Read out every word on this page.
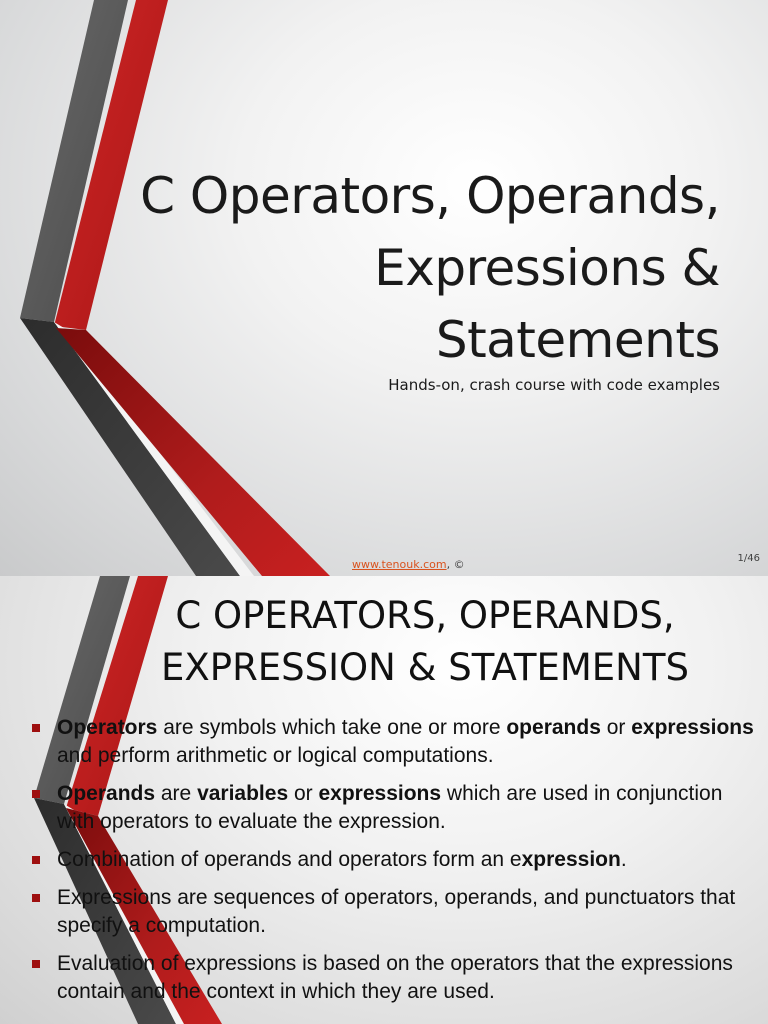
C Operators, Operands,
Expressions &
Statements
Hands-on, crash course with code examples
www.tenouk.com, ©	1/46
C OPERATORS, OPERANDS,
EXPRESSION & STATEMENTS
Operators are symbols which take one or more operands or expressions and perform arithmetic or logical computations.
Operands are variables or expressions which are used in conjunction with operators to evaluate the expression.
Combination of operands and operators form an expression.
Expressions are sequences of operators, operands, and punctuators that specify a computation.
Evaluation of expressions is based on the operators that the expressions contain and the context in which they are used.
